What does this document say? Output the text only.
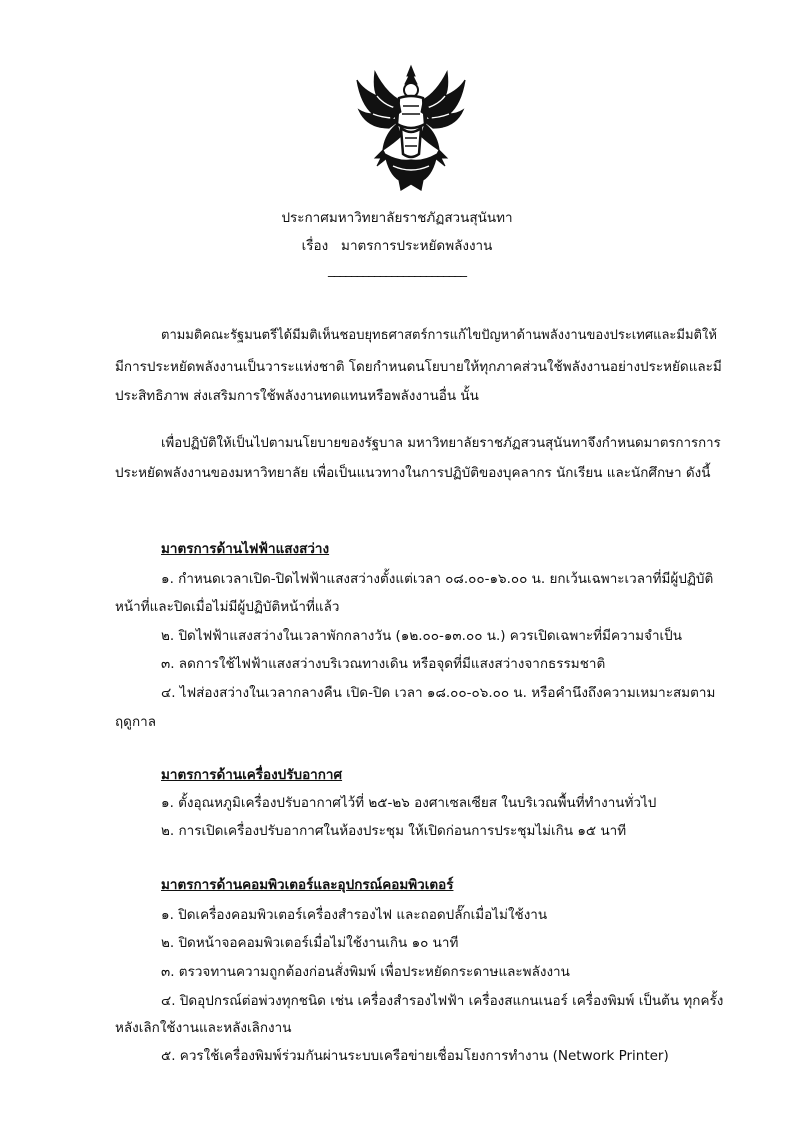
ประกาศมหาวิทยาลัยราชภัฏสวนสุนันทา
เรื่อง   มาตรการประหยัดพลังงาน
________________________
ตามมติคณะรัฐมนตรีได้มีมติเห็นชอบยุทธศาสตร์การแก้ไขปัญหาด้านพลังงานของประเทศและมีมติให้
มีการประหยัดพลังงานเป็นวาระแห่งชาติ โดยกำหนดนโยบายให้ทุกภาคส่วนใช้พลังงานอย่างประหยัดและมี
ประสิทธิภาพ ส่งเสริมการใช้พลังงานทดแทนหรือพลังงานอื่น นั้น
เพื่อปฏิบัติให้เป็นไปตามนโยบายของรัฐบาล มหาวิทยาลัยราชภัฏสวนสุนันทาจึงกำหนดมาตรการการ
ประหยัดพลังงานของมหาวิทยาลัย เพื่อเป็นแนวทางในการปฏิบัติของบุคลากร นักเรียน และนักศึกษา ดังนี้
มาตรการด้านไฟฟ้าแสงสว่าง
๑. กำหนดเวลาเปิด-ปิดไฟฟ้าแสงสว่างตั้งแต่เวลา ๐๘.๐๐-๑๖.๐๐ น. ยกเว้นเฉพาะเวลาที่มีผู้ปฏิบัติ
หน้าที่และปิดเมื่อไม่มีผู้ปฏิบัติหน้าที่แล้ว
๒. ปิดไฟฟ้าแสงสว่างในเวลาพักกลางวัน (๑๒.๐๐-๑๓.๐๐ น.) ควรเปิดเฉพาะที่มีความจำเป็น
๓. ลดการใช้ไฟฟ้าแสงสว่างบริเวณทางเดิน หรือจุดที่มีแสงสว่างจากธรรมชาติ
๔. ไฟส่องสว่างในเวลากลางคืน เปิด-ปิด เวลา ๑๘.๐๐-๐๖.๐๐ น. หรือคำนึงถึงความเหมาะสมตาม
ฤดูกาล
มาตรการด้านเครื่องปรับอากาศ
๑. ตั้งอุณหภูมิเครื่องปรับอากาศไว้ที่ ๒๕-๒๖ องศาเซลเซียส ในบริเวณพื้นที่ทำงานทั่วไป
๒. การเปิดเครื่องปรับอากาศในห้องประชุม ให้เปิดก่อนการประชุมไม่เกิน ๑๕ นาที
มาตรการด้านคอมพิวเตอร์และอุปกรณ์คอมพิวเตอร์
๑. ปิดเครื่องคอมพิวเตอร์เครื่องสำรองไฟ และถอดปลั๊กเมื่อไม่ใช้งาน
๒. ปิดหน้าจอคอมพิวเตอร์เมื่อไม่ใช้งานเกิน ๑๐ นาที
๓. ตรวจทานความถูกต้องก่อนสั่งพิมพ์ เพื่อประหยัดกระดาษและพลังงาน
๔. ปิดอุปกรณ์ต่อพ่วงทุกชนิด เช่น เครื่องสำรองไฟฟ้า เครื่องสแกนเนอร์ เครื่องพิมพ์ เป็นต้น ทุกครั้ง
หลังเลิกใช้งานและหลังเลิกงาน
๕. ควรใช้เครื่องพิมพ์ร่วมกันผ่านระบบเครือข่ายเชื่อมโยงการทำงาน (Network Printer)
